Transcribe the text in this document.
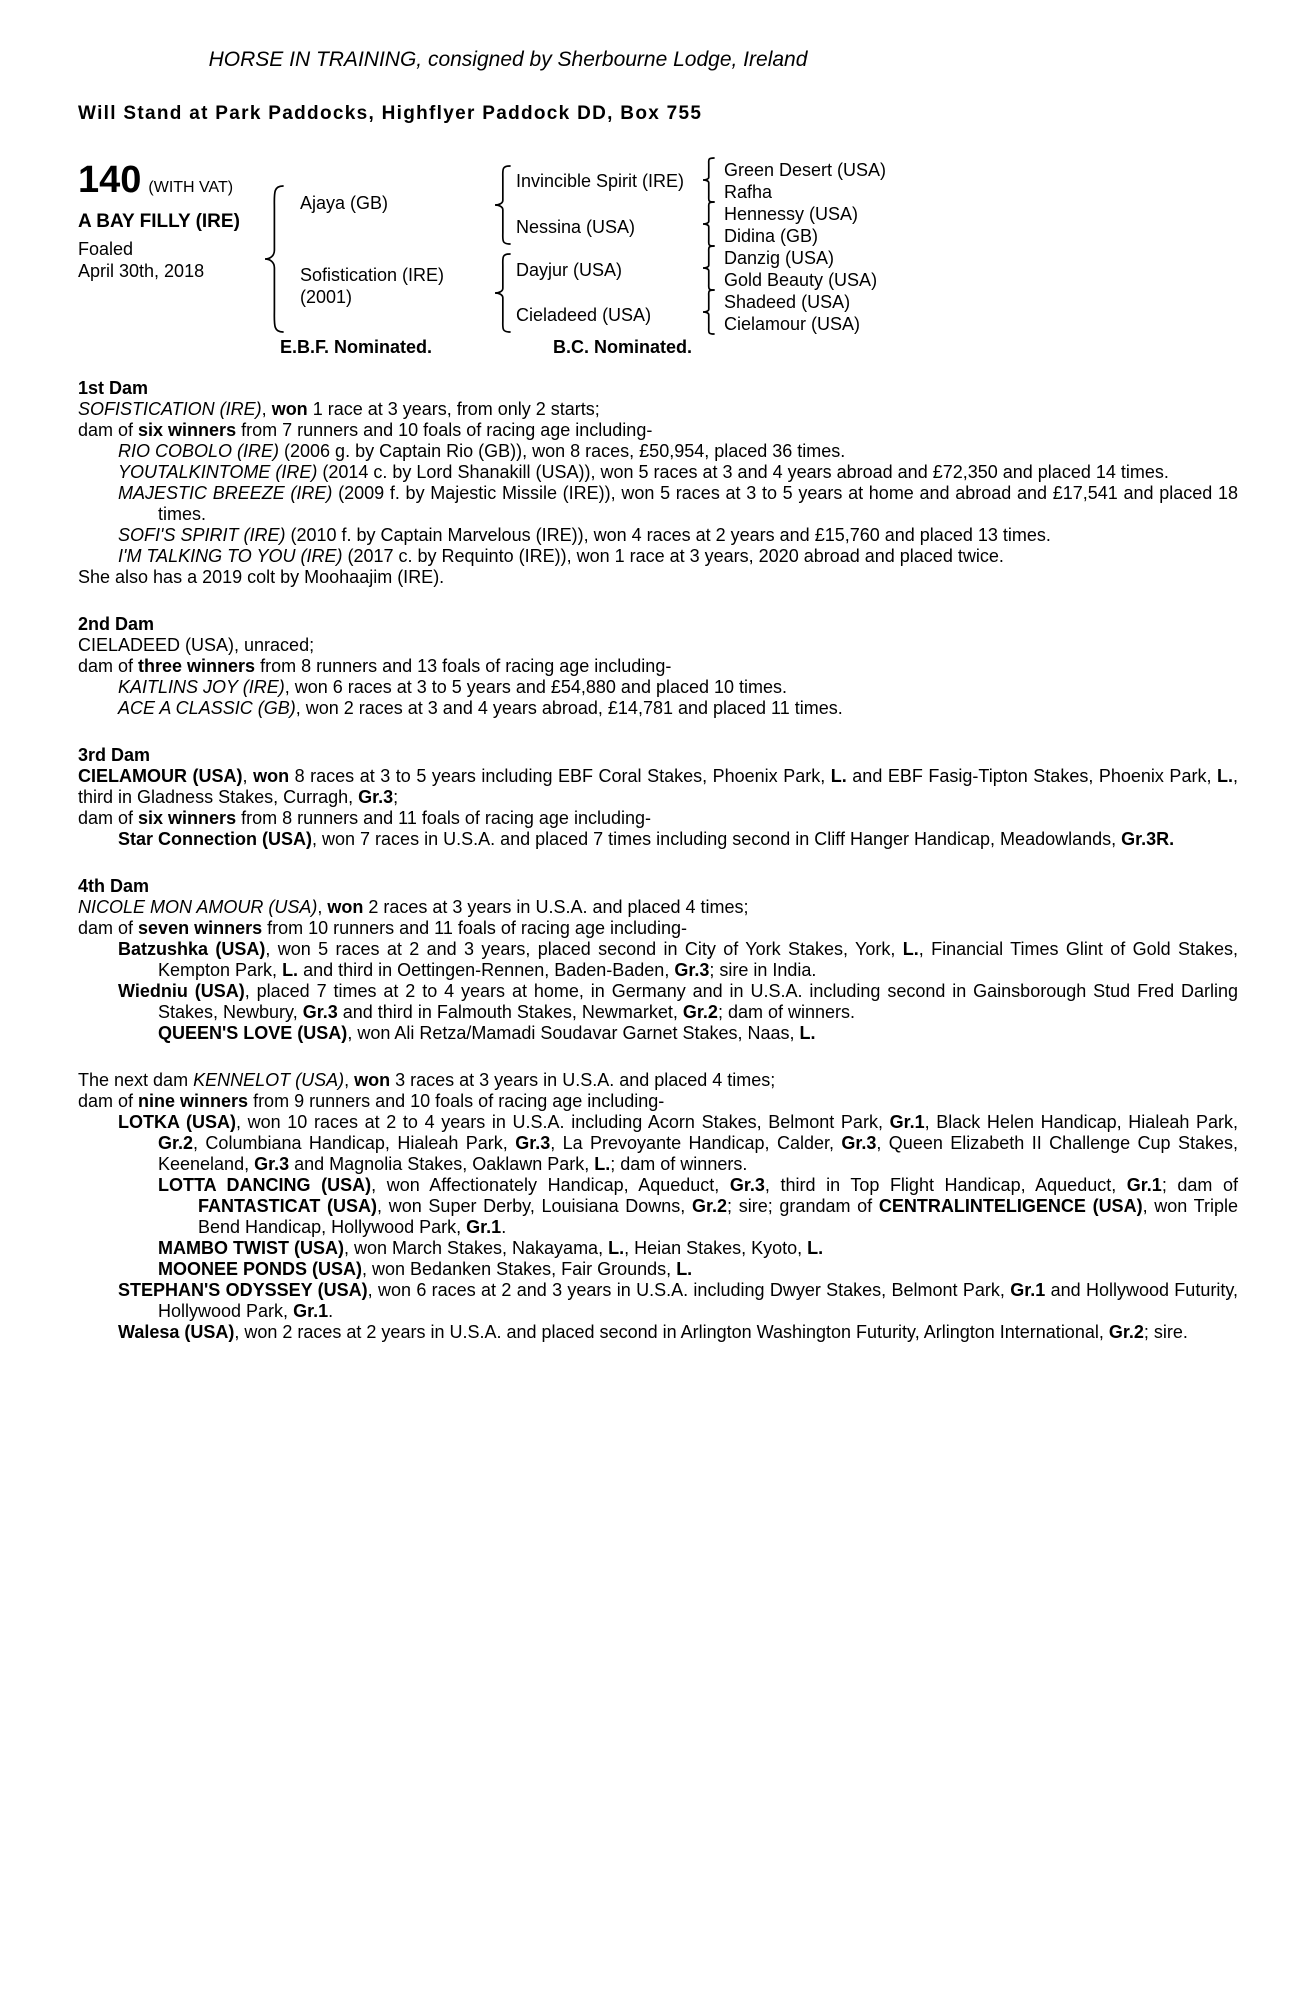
HORSE IN TRAINING, consigned by Sherbourne Lodge, Ireland
Will Stand at Park Paddocks, Highflyer Paddock DD, Box 755
140 (WITH VAT)
A BAY FILLY (IRE)
Foaled
April 30th, 2018
Ajaya (GB)
Sofistication (IRE)
(2001)
Invincible Spirit (IRE)
Nessina (USA)
Dayjur (USA)
Cieladeed (USA)
Green Desert (USA)
Rafha
Hennessy (USA)
Didina (GB)
Danzig (USA)
Gold Beauty (USA)
Shadeed (USA)
Cielamour (USA)
E.B.F. Nominated.	B.C. Nominated.
1st Dam

SOFISTICATION (IRE), won 1 race at 3 years, from only 2 starts;

dam of six winners from 7 runners and 10 foals of racing age including-

RIO COBOLO (IRE) (2006 g. by Captain Rio (GB)), won 8 races, £50,954, placed 36 times.

YOUTALKINTOME (IRE) (2014 c. by Lord Shanakill (USA)), won 5 races at 3 and 4 years abroad and £72,350 and placed 14 times.

MAJESTIC BREEZE (IRE) (2009 f. by Majestic Missile (IRE)), won 5 races at 3 to 5 years at home and abroad and £17,541 and placed 18 times.

SOFI'S SPIRIT (IRE) (2010 f. by Captain Marvelous (IRE)), won 4 races at 2 years and £15,760 and placed 13 times.

I'M TALKING TO YOU (IRE) (2017 c. by Requinto (IRE)), won 1 race at 3 years, 2020 abroad and placed twice.

She also has a 2019 colt by Moohaajim (IRE).

2nd Dam

CIELADEED (USA), unraced;

dam of three winners from 8 runners and 13 foals of racing age including-

KAITLINS JOY (IRE), won 6 races at 3 to 5 years and £54,880 and placed 10 times.

ACE A CLASSIC (GB), won 2 races at 3 and 4 years abroad, £14,781 and placed 11 times.

3rd Dam

CIELAMOUR (USA), won 8 races at 3 to 5 years including EBF Coral Stakes, Phoenix Park, L. and EBF Fasig-Tipton Stakes, Phoenix Park, L., third in Gladness Stakes, Curragh, Gr.3;

dam of six winners from 8 runners and 11 foals of racing age including-

Star Connection (USA), won 7 races in U.S.A. and placed 7 times including second in Cliff Hanger Handicap, Meadowlands, Gr.3R.

4th Dam

NICOLE MON AMOUR (USA), won 2 races at 3 years in U.S.A. and placed 4 times;

dam of seven winners from 10 runners and 11 foals of racing age including-

Batzushka (USA), won 5 races at 2 and 3 years, placed second in City of York Stakes, York, L., Financial Times Glint of Gold Stakes, Kempton Park, L. and third in Oettingen-Rennen, Baden-Baden, Gr.3; sire in India.

Wiedniu (USA), placed 7 times at 2 to 4 years at home, in Germany and in U.S.A. including second in Gainsborough Stud Fred Darling Stakes, Newbury, Gr.3 and third in Falmouth Stakes, Newmarket, Gr.2; dam of winners.

QUEEN'S LOVE (USA), won Ali Retza/Mamadi Soudavar Garnet Stakes, Naas, L.

The next dam KENNELOT (USA), won 3 races at 3 years in U.S.A. and placed 4 times;

dam of nine winners from 9 runners and 10 foals of racing age including-

LOTKA (USA), won 10 races at 2 to 4 years in U.S.A. including Acorn Stakes, Belmont Park, Gr.1, Black Helen Handicap, Hialeah Park, Gr.2, Columbiana Handicap, Hialeah Park, Gr.3, La Prevoyante Handicap, Calder, Gr.3, Queen Elizabeth II Challenge Cup Stakes, Keeneland, Gr.3 and Magnolia Stakes, Oaklawn Park, L.; dam of winners.

LOTTA DANCING (USA), won Affectionately Handicap, Aqueduct, Gr.3, third in Top Flight Handicap, Aqueduct, Gr.1; dam of FANTASTICAT (USA), won Super Derby, Louisiana Downs, Gr.2; sire; grandam of CENTRALINTELIGENCE (USA), won Triple Bend Handicap, Hollywood Park, Gr.1.

MAMBO TWIST (USA), won March Stakes, Nakayama, L., Heian Stakes, Kyoto, L.

MOONEE PONDS (USA), won Bedanken Stakes, Fair Grounds, L.

STEPHAN'S ODYSSEY (USA), won 6 races at 2 and 3 years in U.S.A. including Dwyer Stakes, Belmont Park, Gr.1 and Hollywood Futurity, Hollywood Park, Gr.1.

Walesa (USA), won 2 races at 2 years in U.S.A. and placed second in Arlington Washington Futurity, Arlington International, Gr.2; sire.
